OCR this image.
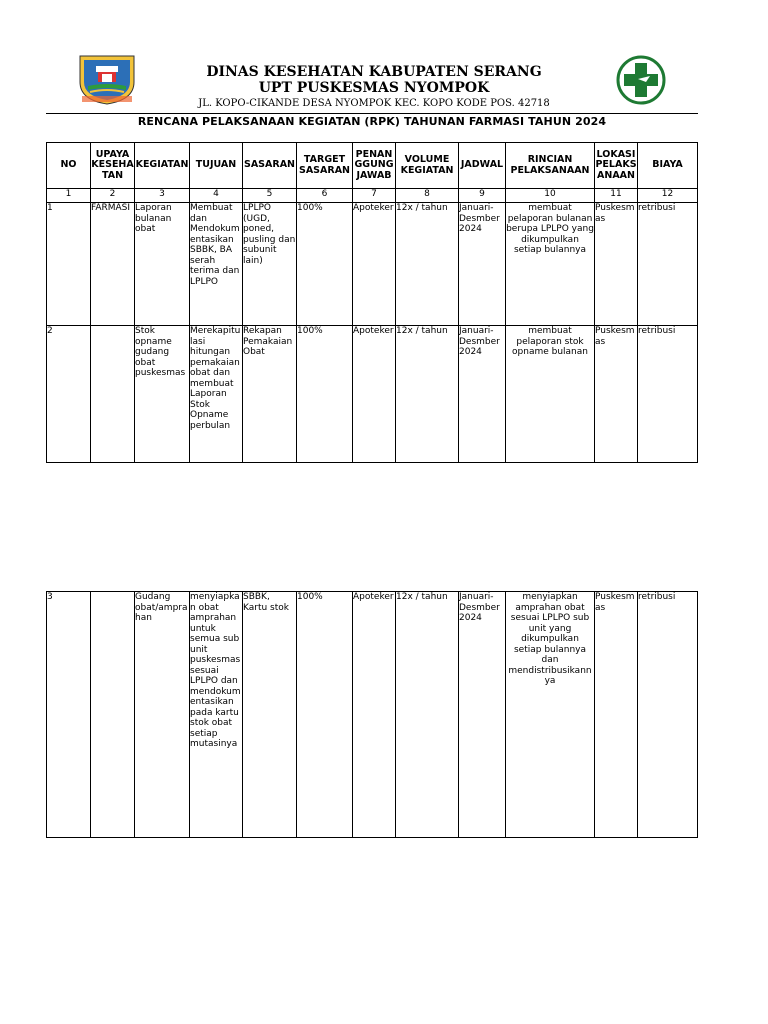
DINAS KESEHATAN KABUPATEN SERANG
UPT PUSKESMAS NYOMPOK
JL. KOPO-CIKANDE DESA NYOMPOK KEC. KOPO KODE POS. 42718
RENCANA PELAKSANAAN KEGIATAN (RPK) TAHUNAN FARMASI TAHUN 2024
NO	UPAYA KESEHA TAN	KEGIATAN	TUJUAN	SASARAN	TARGET SASARAN	PENAN GGUNG JAWAB	VOLUME KEGIATAN	JADWAL	RINCIAN PELAKSANAAN	LOKASI PELAKS ANAAN	BIAYA
1	2	3	4	5	6	7	8	9	10	11	12
1	FARMASI	Laporan bulanan obat	Membuat dan Mendokum entasikan SBBK, BA serah terima dan LPLPO	LPLPO (UGD, poned, pusling dan subunit lain)	100%	Apoteker	12x / tahun	Januari-Desmber 2024	membuat pelaporan bulanan berupa LPLPO yang dikumpulkan setiap bulannya	Puskesm as	retribusi
2		Stok opname gudang obat puskesmas	Merekapitu lasi hitungan pemakaian obat dan membuat Laporan Stok Opname perbulan	Rekapan Pemakaian Obat	100%	Apoteker	12x / tahun	Januari-Desmber 2024	membuat pelaporan stok opname bulanan	Puskesm as	retribusi
3		Gudang obat/ampra han	menyiapka n obat amprahan untuk semua sub unit puskesmas sesuai LPLPO dan mendokum entasikan pada kartu stok obat setiap mutasinya	SBBK, Kartu stok	100%	Apoteker	12x / tahun	Januari-Desmber 2024	menyiapkan amprahan obat sesuai LPLPO sub unit yang dikumpulkan setiap bulannya dan mendistribusikann ya	Puskesm as	retribusi
